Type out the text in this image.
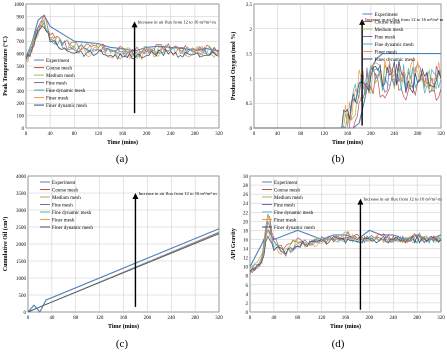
0
100
200
300
400
500
600
700
800
900
1000
0	40	80	120	160	200	240	280	320
Time (mins)
Peak Temperature (°C)
Increase in air flux from 12 to 16 m³/m²·m
Experiment
Course mesh
Medium mesh
Fine mesh
Fine dynamic mesh
Finer mesh
Finer dynamic mesh
0
0.5
1
1.5
2
2.5
0	40	80	120	160	200	240	280	320
Time (mins)
Produced Oxygen (mol %)
Increase in air flux from 12 to 16 m³/m²·m
Experiment
Course mesh
Medium mesh
Fine mesh
Fine dynamic mesh
Finer mesh
Finer dynamic mesh
0
500
1000
1500
2000
2500
3000
3500
4000
0	40	80	120	160	200	240	280	320
Time (mins)
Cumulative Oil (cm³)
Increase in air flux from 12 to 16 m³/m²·m
Experiment
Course mesh
Medium mesh
Fine mesh
Fine dynamic mesh
Finer mesh
Finer dynamic mesh
0
2
4
6
8
10
12
14
16
18
20
22
24
26
28
30
0	40	80	120	160	200	240	280	320
Time (mins)
API Gravity
Increase in air flux from 12 to 16 m³/m²·m
Experiment
Course mesh
Medium mesh
Fine mesh
Fine dynamic mesh
Finer mesh
Finer dynamic mesh
(a)	(b)
(c)	(d)
